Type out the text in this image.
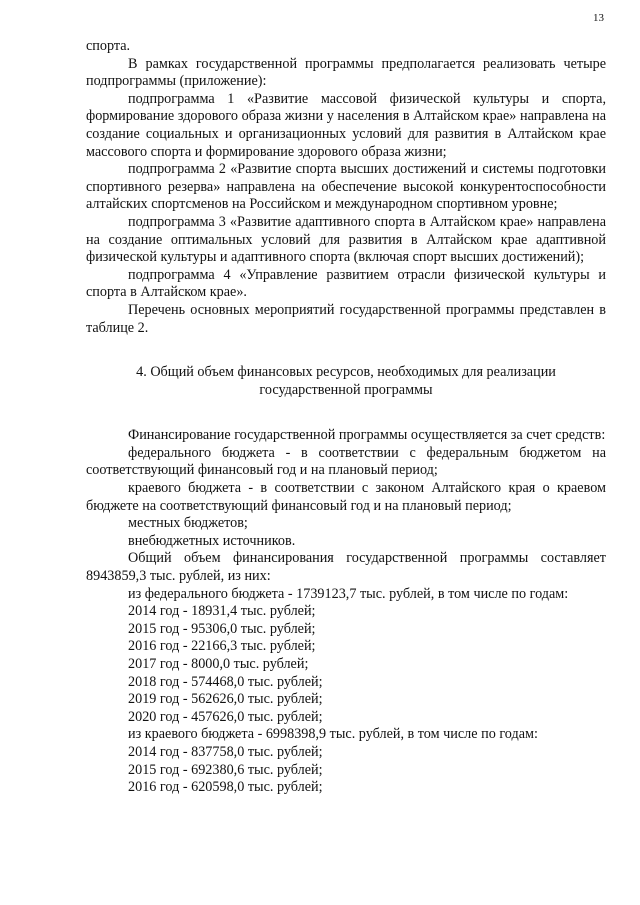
13

спорта.

В рамках государственной программы предполагается реализовать четыре подпрограммы (приложение):

подпрограмма 1 «Развитие массовой физической культуры и спорта, формирование здорового образа жизни у населения в Алтайском крае» направлена на создание социальных и организационных условий для развития в Алтайском крае массового спорта и формирование здорового образа жизни;

подпрограмма 2 «Развитие спорта высших достижений и системы подготовки спортивного резерва» направлена на обеспечение высокой конкурентоспособности алтайских спортсменов на Российском и международном спортивном уровне;

подпрограмма 3 «Развитие адаптивного спорта в Алтайском крае» направлена на создание оптимальных условий для развития в Алтайском крае адаптивной физической культуры и адаптивного спорта (включая спорт высших достижений);

подпрограмма 4 «Управление развитием отрасли физической культуры и спорта в Алтайском крае».

Перечень основных мероприятий государственной программы представлен в таблице 2.

4. Общий объем финансовых ресурсов, необходимых для реализации
государственной программы

Финансирование государственной программы осуществляется за счет средств:

федерального бюджета - в соответствии с федеральным бюджетом на соответствующий финансовый год и на плановый период;

краевого бюджета - в соответствии с законом Алтайского края о краевом бюджете на соответствующий финансовый год и на плановый период;

местных бюджетов;

внебюджетных источников.

Общий объем финансирования государственной программы составляет 8943859,3 тыс. рублей, из них:

из федерального бюджета - 1739123,7 тыс. рублей, в том числе по годам:

2014 год - 18931,4 тыс. рублей;

2015 год - 95306,0 тыс. рублей;

2016 год - 22166,3 тыс. рублей;

2017 год - 8000,0 тыс. рублей;

2018 год - 574468,0 тыс. рублей;

2019 год - 562626,0 тыс. рублей;

2020 год - 457626,0 тыс. рублей;

из краевого бюджета - 6998398,9 тыс. рублей, в том числе по годам:

2014 год - 837758,0 тыс. рублей;

2015 год - 692380,6 тыс. рублей;

2016 год - 620598,0 тыс. рублей;
